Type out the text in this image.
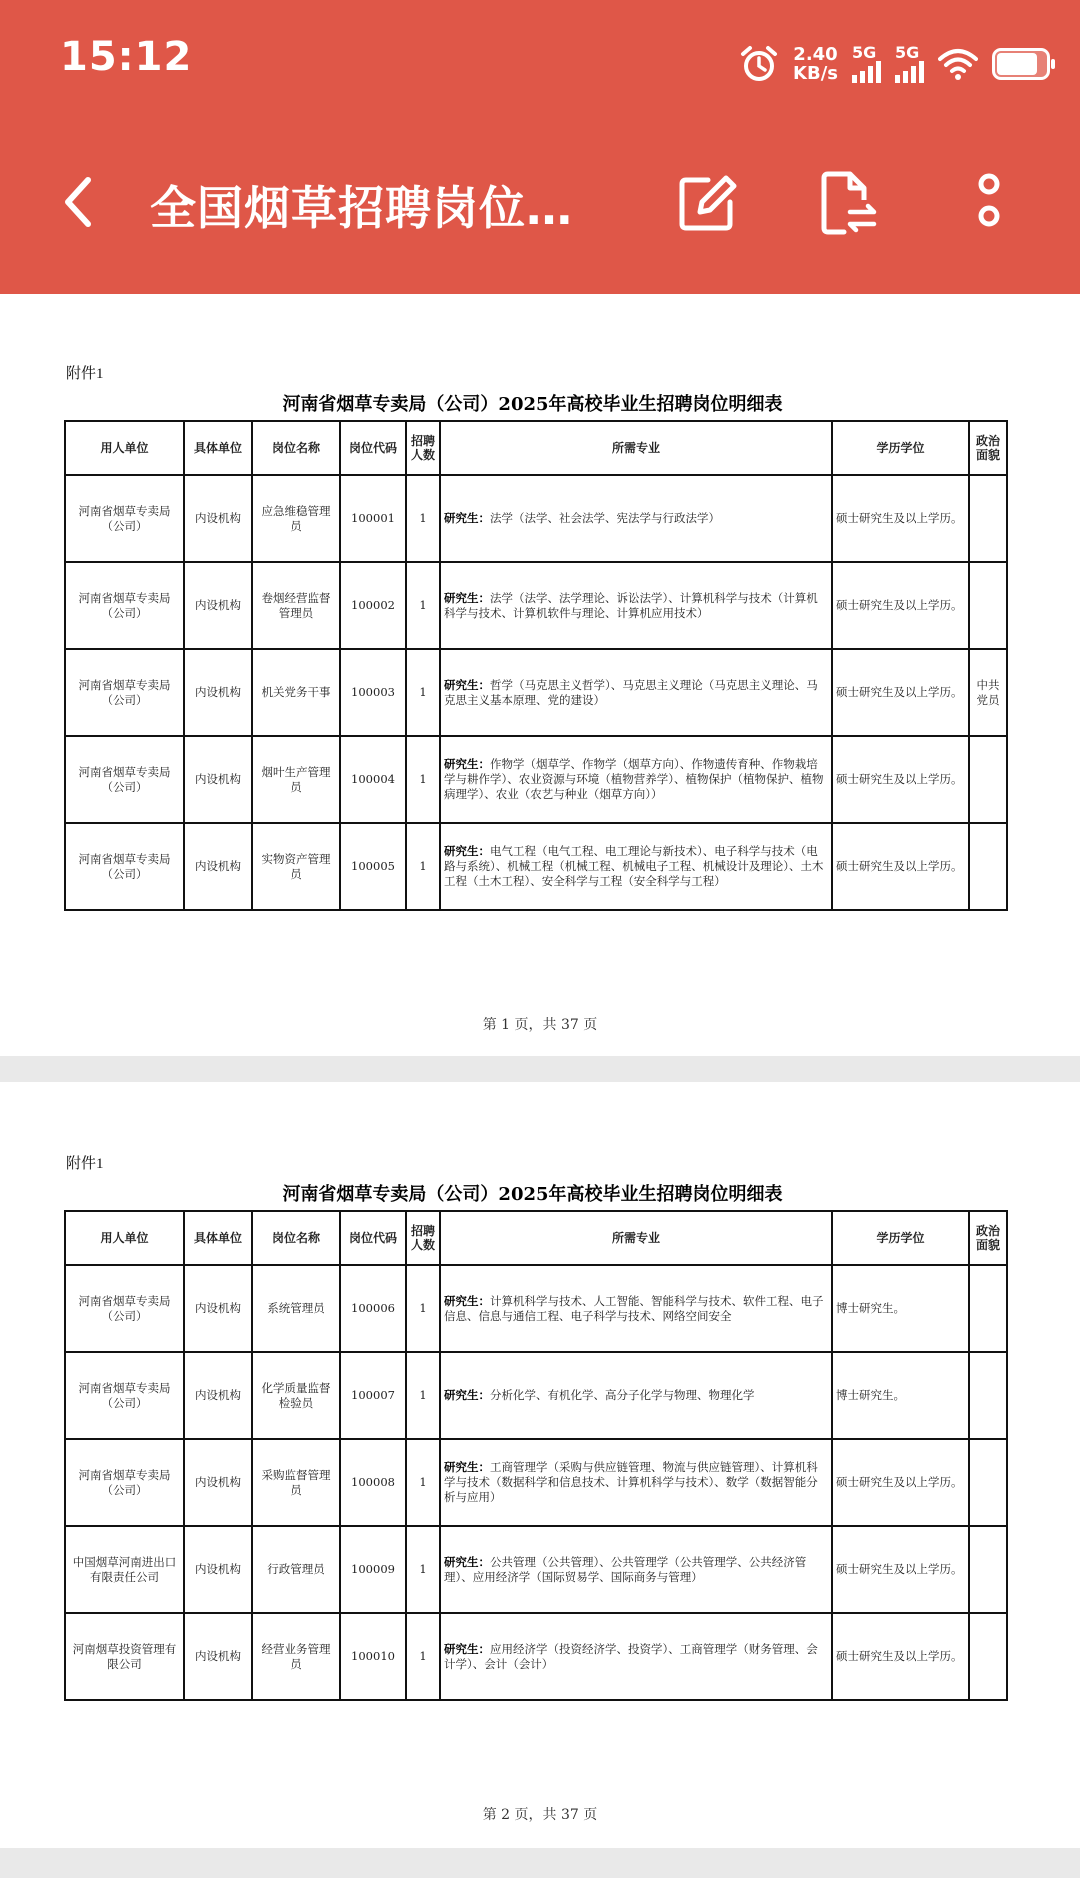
15:12	2.40
KB/s
5G 5G
全国烟草招聘岗位…
附件1
河南省烟草专卖局（公司）2025年高校毕业生招聘岗位明细表
用人单位	具体单位	岗位名称	岗位代码	招聘人数	所需专业	学历学位	政治面貌
河南省烟草专卖局（公司）	内设机构	应急维稳管理员	100001	1	研究生：法学（法学、社会法学、宪法学与行政法学）	硕士研究生及以上学历。	
河南省烟草专卖局（公司）	内设机构	卷烟经营监督管理员	100002	1	研究生：法学（法学、法学理论、诉讼法学）、计算机科学与技术（计算机科学与技术、计算机软件与理论、计算机应用技术）	硕士研究生及以上学历。	
河南省烟草专卖局（公司）	内设机构	机关党务干事	100003	1	研究生：哲学（马克思主义哲学）、马克思主义理论（马克思主义理论、马克思主义基本原理、党的建设）	硕士研究生及以上学历。	中共党员
河南省烟草专卖局（公司）	内设机构	烟叶生产管理员	100004	1	研究生：作物学（烟草学、作物学（烟草方向）、作物遗传育种、作物栽培学与耕作学）、农业资源与环境（植物营养学）、植物保护（植物保护、植物病理学）、农业（农艺与种业（烟草方向））	硕士研究生及以上学历。	
河南省烟草专卖局（公司）	内设机构	实物资产管理员	100005	1	研究生：电气工程（电气工程、电工理论与新技术）、电子科学与技术（电路与系统）、机械工程（机械工程、机械电子工程、机械设计及理论）、土木工程（土木工程）、安全科学与工程（安全科学与工程）	硕士研究生及以上学历。	
第 1 页，共 37 页
附件1
河南省烟草专卖局（公司）2025年高校毕业生招聘岗位明细表
用人单位	具体单位	岗位名称	岗位代码	招聘人数	所需专业	学历学位	政治面貌
河南省烟草专卖局（公司）	内设机构	系统管理员	100006	1	研究生：计算机科学与技术、人工智能、智能科学与技术、软件工程、电子信息、信息与通信工程、电子科学与技术、网络空间安全	博士研究生。	
河南省烟草专卖局（公司）	内设机构	化学质量监督检验员	100007	1	研究生：分析化学、有机化学、高分子化学与物理、物理化学	博士研究生。	
河南省烟草专卖局（公司）	内设机构	采购监督管理员	100008	1	研究生：工商管理学（采购与供应链管理、物流与供应链管理）、计算机科学与技术（数据科学和信息技术、计算机科学与技术）、数学（数据智能分析与应用）	硕士研究生及以上学历。	
中国烟草河南进出口有限责任公司	内设机构	行政管理员	100009	1	研究生：公共管理（公共管理）、公共管理学（公共管理学、公共经济管理）、应用经济学（国际贸易学、国际商务与管理）	硕士研究生及以上学历。	
河南烟草投资管理有限公司	内设机构	经营业务管理员	100010	1	研究生：应用经济学（投资经济学、投资学）、工商管理学（财务管理、会计学）、会计（会计）	硕士研究生及以上学历。	
第 2 页，共 37 页
